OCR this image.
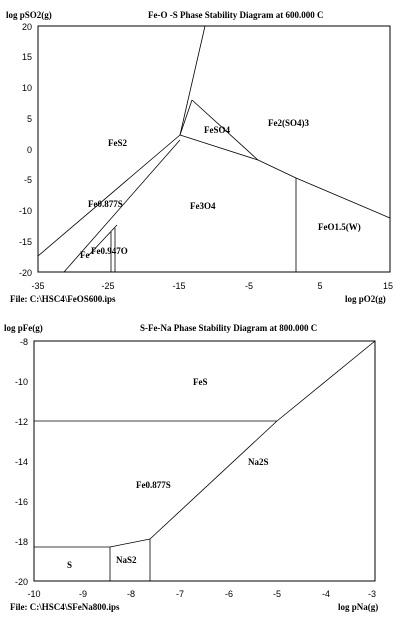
log pSO2(g)	Fe-O -S Phase Stability Diagram at 600.000 C
20
15
10
5
0
-5
-10
-15
-20
-35	-25	-15	-5	5	15
File: C:\HSC4\FeOS600.ips	log pO2(g)
FeS2
FeSO4
Fe2(SO4)3
Fe0.877S	Fe3O4
FeO1.5(W)
Fe Fe0.947O
log pFe(g)	S-Fe-Na Phase Stability Diagram at 800.000 C
-8
-10
-12
-14
-16
-18
-20
-10	-9	-8	-7	-6	-5	-4	-3
File: C:\HSC4\SFeNa800.ips	log pNa(g)
FeS
Na2S
Fe0.877S
S	NaS2
